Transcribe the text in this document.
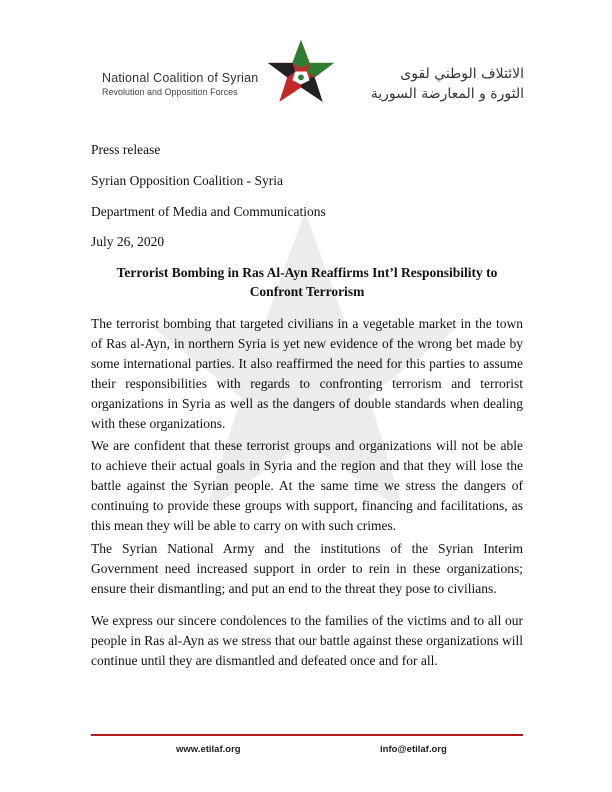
National Coalition of Syrian
Revolution and Opposition Forces
الائتلاف الوطني لقوى
الثورة و المعارضة السورية
Press release
Syrian Opposition Coalition - Syria
Department of Media and Communications
July 26, 2020
Terrorist Bombing in Ras Al-Ayn Reaffirms Int’l Responsibility to
Confront Terrorism
The terrorist bombing that targeted civilians in a vegetable market in the town of Ras al-Ayn, in northern Syria is yet new evidence of the wrong bet made by some international parties. It also reaffirmed the need for this parties to assume their responsibilities with regards to confronting terrorism and terrorist organizations in Syria as well as the dangers of double standards when dealing with these organizations.
We are confident that these terrorist groups and organizations will not be able to achieve their actual goals in Syria and the region and that they will lose the battle against the Syrian people. At the same time we stress the dangers of continuing to provide these groups with support, financing and facilitations, as this mean they will be able to carry on with such crimes.
The Syrian National Army and the institutions of the Syrian Interim Government need increased support in order to rein in these organizations; ensure their dismantling; and put an end to the threat they pose to civilians.
We express our sincere condolences to the families of the victims and to all our people in Ras al-Ayn as we stress that our battle against these organizations will continue until they are dismantled and defeated once and for all.
www.etilaf.org	info@etilaf.org
